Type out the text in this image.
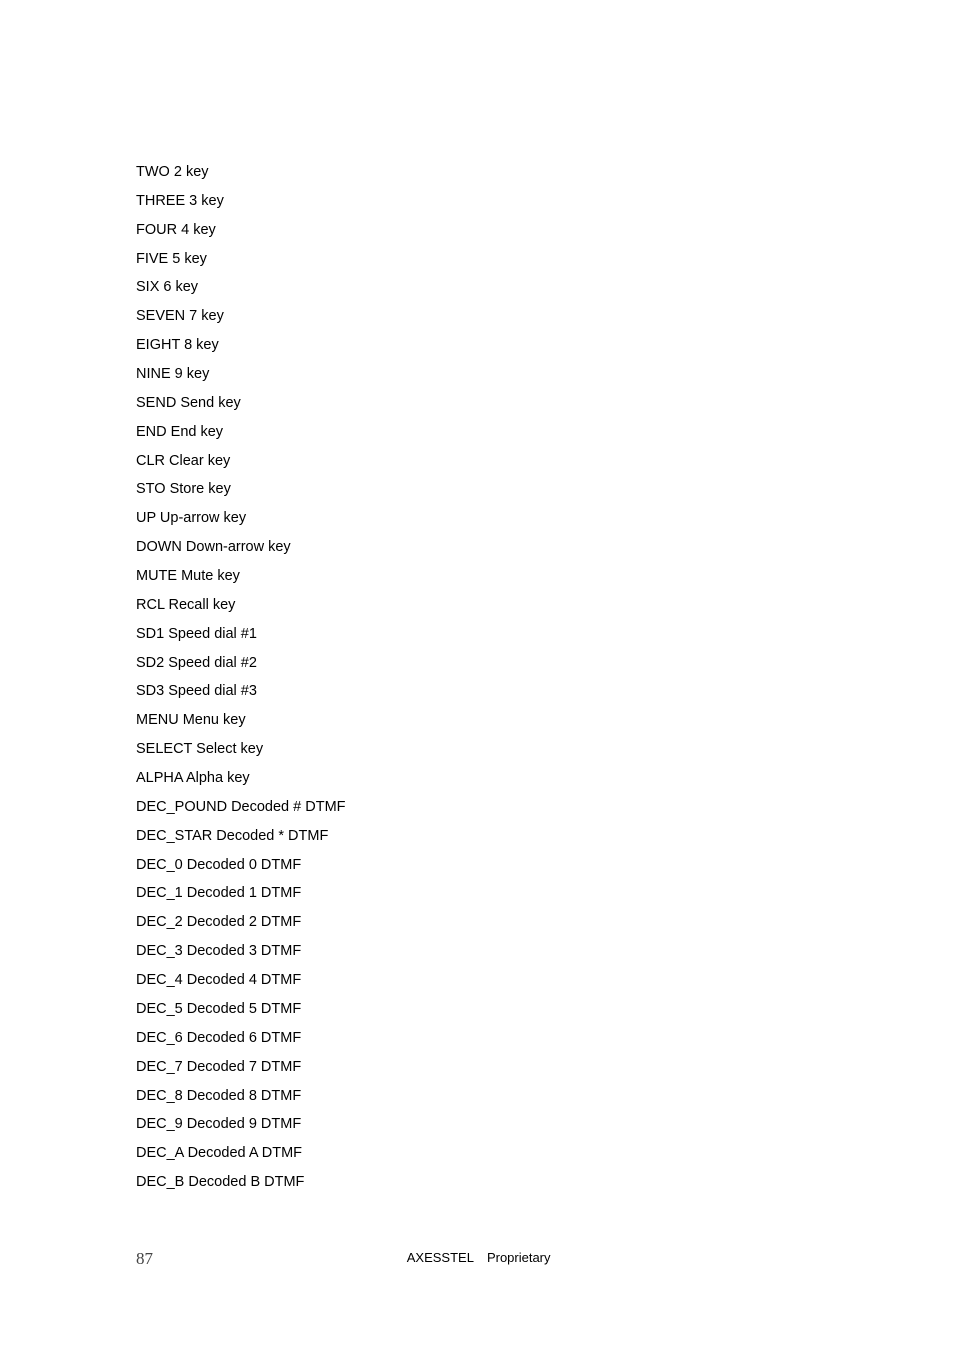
TWO 2 key
THREE 3 key
FOUR 4 key
FIVE 5 key
SIX 6 key
SEVEN 7 key
EIGHT 8 key
NINE 9 key
SEND Send key
END End key
CLR Clear key
STO Store key
UP Up-arrow key
DOWN Down-arrow key
MUTE Mute key
RCL Recall key
SD1 Speed dial #1
SD2 Speed dial #2
SD3 Speed dial #3
MENU Menu key
SELECT Select key
ALPHA Alpha key
DEC_POUND Decoded # DTMF
DEC_STAR Decoded * DTMF
DEC_0 Decoded 0 DTMF
DEC_1 Decoded 1 DTMF
DEC_2 Decoded 2 DTMF
DEC_3 Decoded 3 DTMF
DEC_4 Decoded 4 DTMF
DEC_5 Decoded 5 DTMF
DEC_6 Decoded 6 DTMF
DEC_7 Decoded 7 DTMF
DEC_8 Decoded 8 DTMF
DEC_9 Decoded 9 DTMF
DEC_A Decoded A DTMF
DEC_B Decoded B DTMF

AXESSTEL Proprietary

87
